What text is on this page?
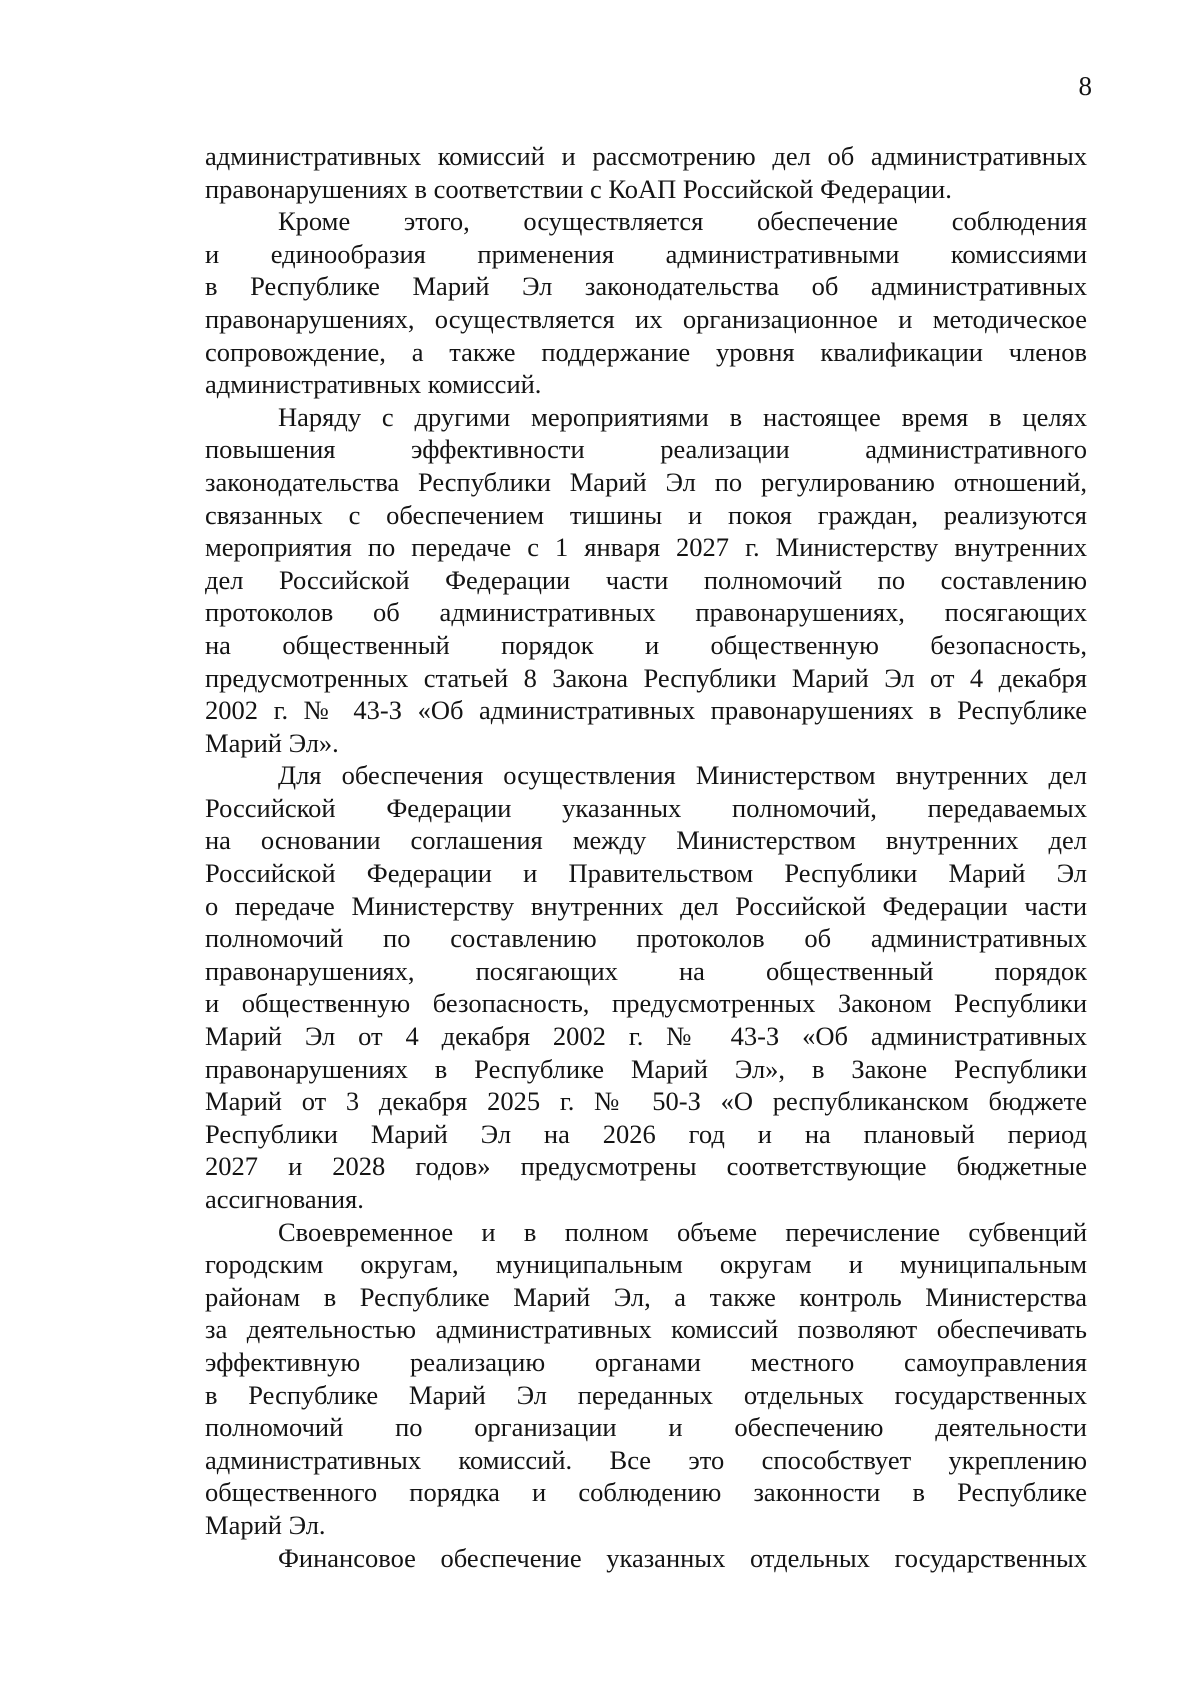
8
административных комиссий и рассмотрению дел об административных
правонарушениях в соответствии с КоАП Российской Федерации.
Кроме этого, осуществляется обеспечение соблюдения
и единообразия применения административными комиссиями
в Республике Марий Эл законодательства об административных
правонарушениях, осуществляется их организационное и методическое
сопровождение, а также поддержание уровня квалификации членов
административных комиссий.
Наряду с другими мероприятиями в настоящее время в целях
повышения эффективности реализации административного
законодательства Республики Марий Эл по регулированию отношений,
связанных с обеспечением тишины и покоя граждан, реализуются
мероприятия по передаче с 1 января 2027 г. Министерству внутренних
дел Российской Федерации части полномочий по составлению
протоколов об административных правонарушениях, посягающих
на общественный порядок и общественную безопасность,
предусмотренных статьей 8 Закона Республики Марий Эл от 4 декабря
2002 г. № 43-З «Об административных правонарушениях в Республике
Марий Эл».
Для обеспечения осуществления Министерством внутренних дел
Российской Федерации указанных полномочий, передаваемых
на основании соглашения между Министерством внутренних дел
Российской Федерации и Правительством Республики Марий Эл
о передаче Министерству внутренних дел Российской Федерации части
полномочий по составлению протоколов об административных
правонарушениях, посягающих на общественный порядок
и общественную безопасность, предусмотренных Законом Республики
Марий Эл от 4 декабря 2002 г. № 43-З «Об административных
правонарушениях в Республике Марий Эл», в Законе Республики
Марий от 3 декабря 2025 г. № 50-З «О республиканском бюджете
Республики Марий Эл на 2026 год и на плановый период
2027 и 2028 годов» предусмотрены соответствующие бюджетные
ассигнования.
Своевременное и в полном объеме перечисление субвенций
городским округам, муниципальным округам и муниципальным
районам в Республике Марий Эл, а также контроль Министерства
за деятельностью административных комиссий позволяют обеспечивать
эффективную реализацию органами местного самоуправления
в Республике Марий Эл переданных отдельных государственных
полномочий по организации и обеспечению деятельности
административных комиссий. Все это способствует укреплению
общественного порядка и соблюдению законности в Республике
Марий Эл.
Финансовое обеспечение указанных отдельных государственных
